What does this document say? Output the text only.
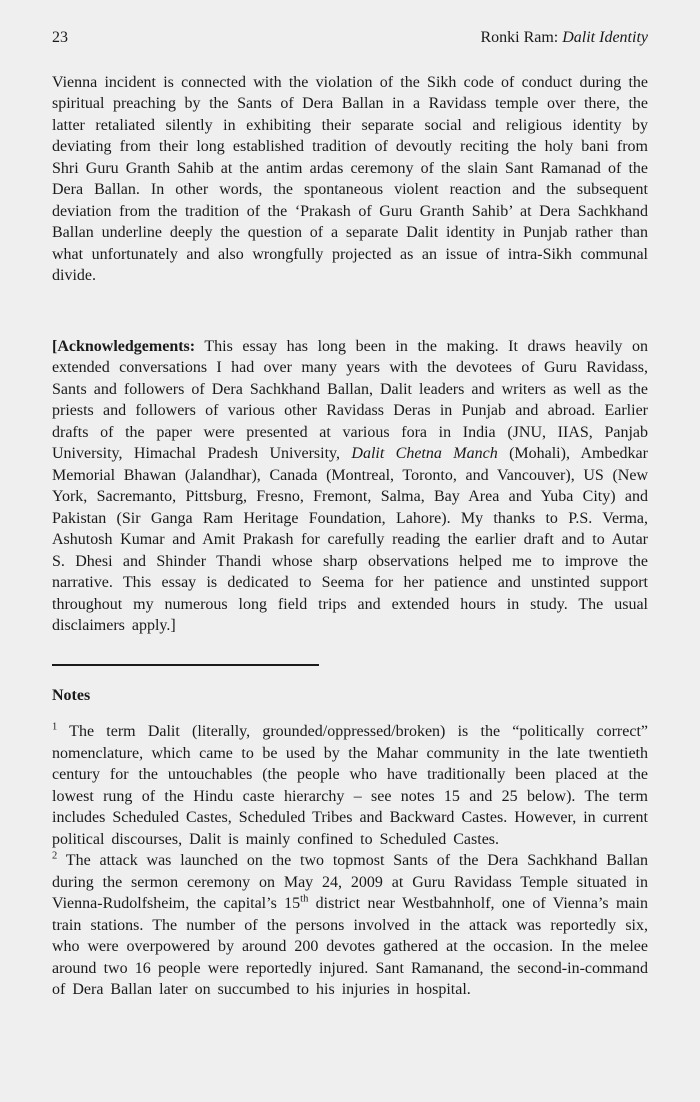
23	Ronki Ram: Dalit Identity

Vienna incident is connected with the violation of the Sikh code of conduct during the spiritual preaching by the Sants of Dera Ballan in a Ravidass temple over there, the latter retaliated silently in exhibiting their separate social and religious identity by deviating from their long established tradition of devoutly reciting the holy bani from Shri Guru Granth Sahib at the antim ardas ceremony of the slain Sant Ramanad of the Dera Ballan. In other words, the spontaneous violent reaction and the subsequent deviation from the tradition of the ‘Prakash of Guru Granth Sahib’ at Dera Sachkhand Ballan underline deeply the question of a separate Dalit identity in Punjab rather than what unfortunately and also wrongfully projected as an issue of intra-Sikh communal divide.

[Acknowledgements: This essay has long been in the making. It draws heavily on extended conversations I had over many years with the devotees of Guru Ravidass, Sants and followers of Dera Sachkhand Ballan, Dalit leaders and writers as well as the priests and followers of various other Ravidass Deras in Punjab and abroad. Earlier drafts of the paper were presented at various fora in India (JNU, IIAS, Panjab University, Himachal Pradesh University, Dalit Chetna Manch (Mohali), Ambedkar Memorial Bhawan (Jalandhar), Canada (Montreal, Toronto, and Vancouver), US (New York, Sacremanto, Pittsburg, Fresno, Fremont, Salma, Bay Area and Yuba City) and Pakistan (Sir Ganga Ram Heritage Foundation, Lahore). My thanks to P.S. Verma, Ashutosh Kumar and Amit Prakash for carefully reading the earlier draft and to Autar S. Dhesi and Shinder Thandi whose sharp observations helped me to improve the narrative. This essay is dedicated to Seema for her patience and unstinted support throughout my numerous long field trips and extended hours in study. The usual disclaimers apply.]

Notes

$^1$ The term Dalit (literally, grounded/oppressed/broken) is the “politically correct” nomenclature, which came to be used by the Mahar community in the late twentieth century for the untouchables (the people who have traditionally been placed at the lowest rung of the Hindu caste hierarchy – see notes 15 and 25 below). The term includes Scheduled Castes, Scheduled Tribes and Backward Castes. However, in current political discourses, Dalit is mainly confined to Scheduled Castes.

$^2$ The attack was launched on the two topmost Sants of the Dera Sachkhand Ballan during the sermon ceremony on May 24, 2009 at Guru Ravidass Temple situated in Vienna-Rudolfsheim, the capital’s 15th district near Westbahnholf, one of Vienna’s main train stations. The number of the persons involved in the attack was reportedly six, who were overpowered by around 200 devotes gathered at the occasion. In the melee around two 16 people were reportedly injured. Sant Ramanand, the second-in-command of Dera Ballan later on succumbed to his injuries in hospital.
